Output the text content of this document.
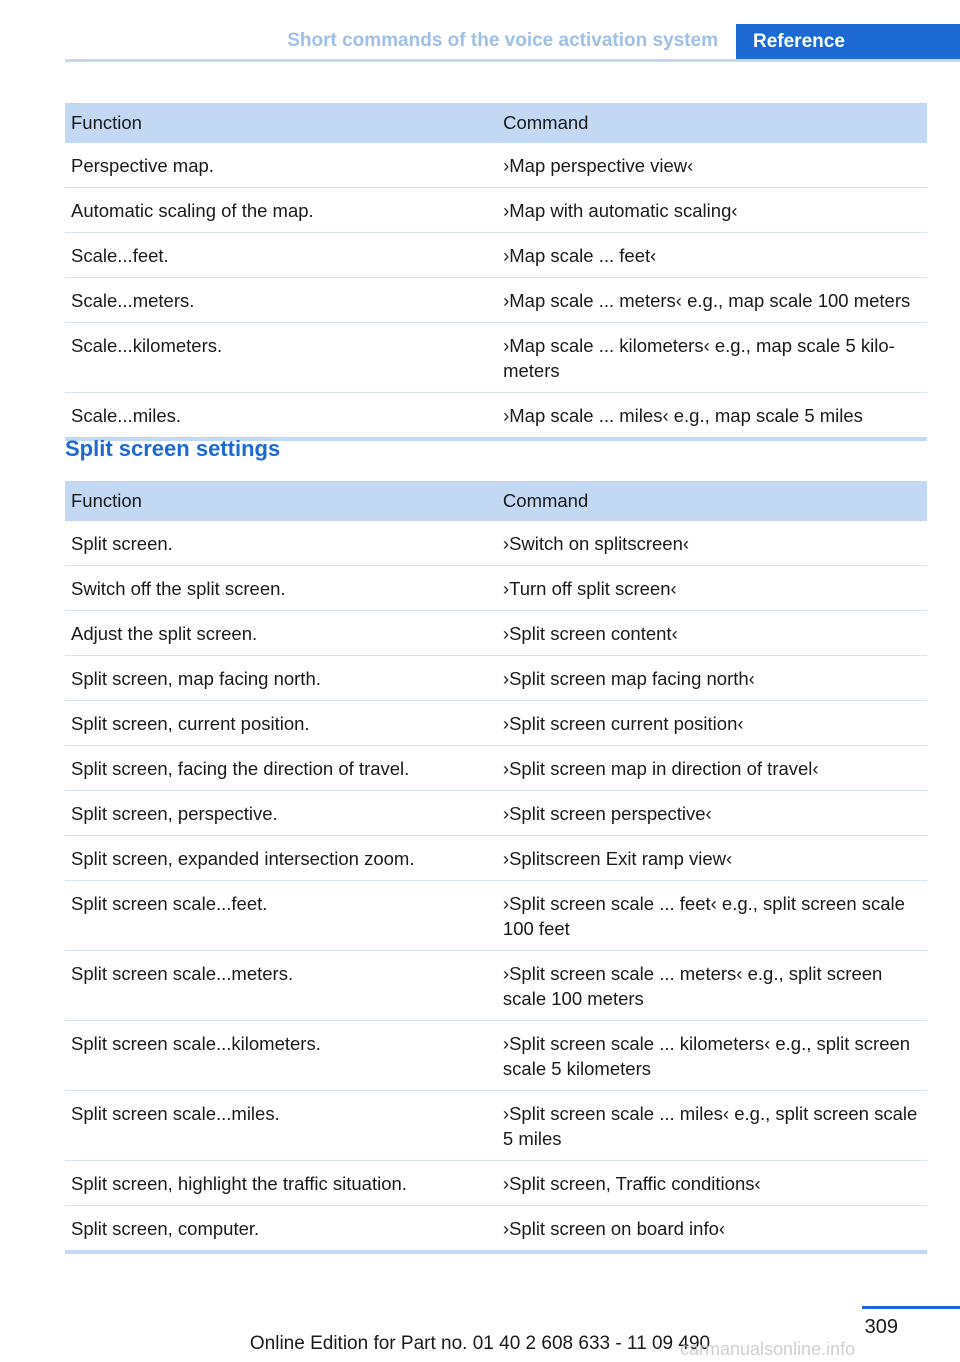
Short commands of the voice activation system	Reference
Function	Command
Perspective map.	›Map perspective view‹
Automatic scaling of the map.	›Map with automatic scaling‹
Scale...feet.	›Map scale ... feet‹
Scale...meters.	›Map scale ... meters‹ e.g., map scale 100 meters
Scale...kilometers.	›Map scale ... kilometers‹ e.g., map scale 5 kilo-meters
Scale...miles.	›Map scale ... miles‹ e.g., map scale 5 miles
Split screen settings
Function	Command
Split screen.	›Switch on splitscreen‹
Switch off the split screen.	›Turn off split screen‹
Adjust the split screen.	›Split screen content‹
Split screen, map facing north.	›Split screen map facing north‹
Split screen, current position.	›Split screen current position‹
Split screen, facing the direction of travel.	›Split screen map in direction of travel‹
Split screen, perspective.	›Split screen perspective‹
Split screen, expanded intersection zoom.	›Splitscreen Exit ramp view‹
Split screen scale...feet.	›Split screen scale ... feet‹ e.g., split screen scale 100 feet
Split screen scale...meters.	›Split screen scale ... meters‹ e.g., split screen scale 100 meters
Split screen scale...kilometers.	›Split screen scale ... kilometers‹ e.g., split screen scale 5 kilometers
Split screen scale...miles.	›Split screen scale ... miles‹ e.g., split screen scale 5 miles
Split screen, highlight the traffic situation.	›Split screen, Traffic conditions‹
Split screen, computer.	›Split screen on board info‹
309
Online Edition for Part no. 01 40 2 608 633 - 11 09 490
carmanualsonline.info
